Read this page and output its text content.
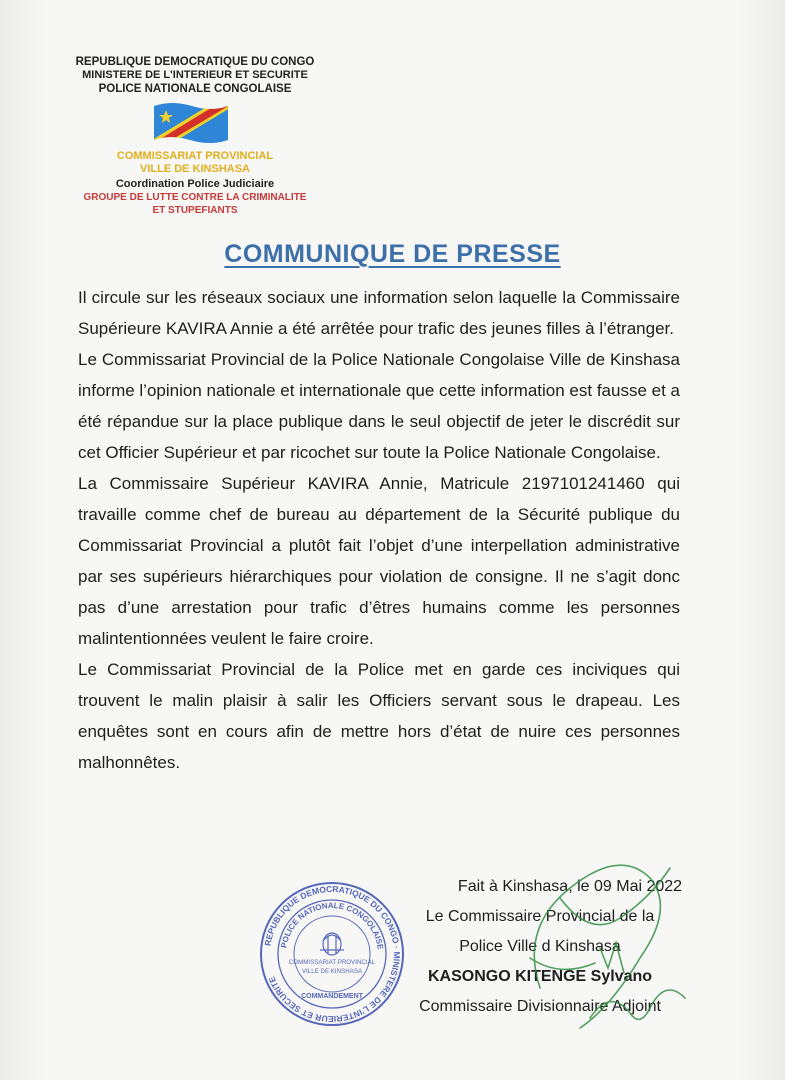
REPUBLIQUE DEMOCRATIQUE DU CONGO
MINISTERE DE L'INTERIEUR ET SECURITE
POLICE NATIONALE CONGOLAISE
COMMISSARIAT PROVINCIAL
VILLE DE KINSHASA
Coordination Police Judiciaire
GROUPE DE LUTTE CONTRE LA CRIMINALITE
ET STUPEFIANTS
COMMUNIQUE DE PRESSE

Il circule sur les réseaux sociaux une information selon laquelle la Commissaire Supérieure KAVIRA Annie a été arrêtée pour trafic des jeunes filles à l’étranger.

Le Commissariat Provincial de la Police Nationale Congolaise Ville de Kinshasa informe l’opinion nationale et internationale que cette information est fausse et a été répandue sur la place publique dans le seul objectif de jeter le discrédit sur cet Officier Supérieur et par ricochet sur toute la Police Nationale Congolaise.

La Commissaire Supérieur KAVIRA Annie, Matricule 2197101241460 qui travaille comme chef de bureau au département de la Sécurité publique du Commissariat Provincial a plutôt fait l’objet d’une interpellation administrative par ses supérieurs hiérarchiques pour violation de consigne. Il ne s’agit donc pas d’une arrestation pour trafic d’êtres humains comme les personnes malintentionnées veulent le faire croire.

Le Commissariat Provincial de la Police met en garde ces inciviques qui trouvent le malin plaisir à salir les Officiers servant sous le drapeau. Les enquêtes sont en cours afin de mettre hors d’état de nuire ces personnes malhonnêtes.

REPUBLIQUE DEMOCRATIQUE DU CONGO · MINISTERE DE L'INTERIEUR ET SECURITE
POLICE NATIONALE CONGOLAISE
COMMISSARIAT PROVINCIAL
VILLE DE KINSHASA
COMMANDEMENT
Fait à Kinshasa, le 09 Mai 2022
Le Commissaire Provincial de la
Police Ville d Kinshasa
KASONGO KITENGE Sylvano
Commissaire Divisionnaire Adjoint
